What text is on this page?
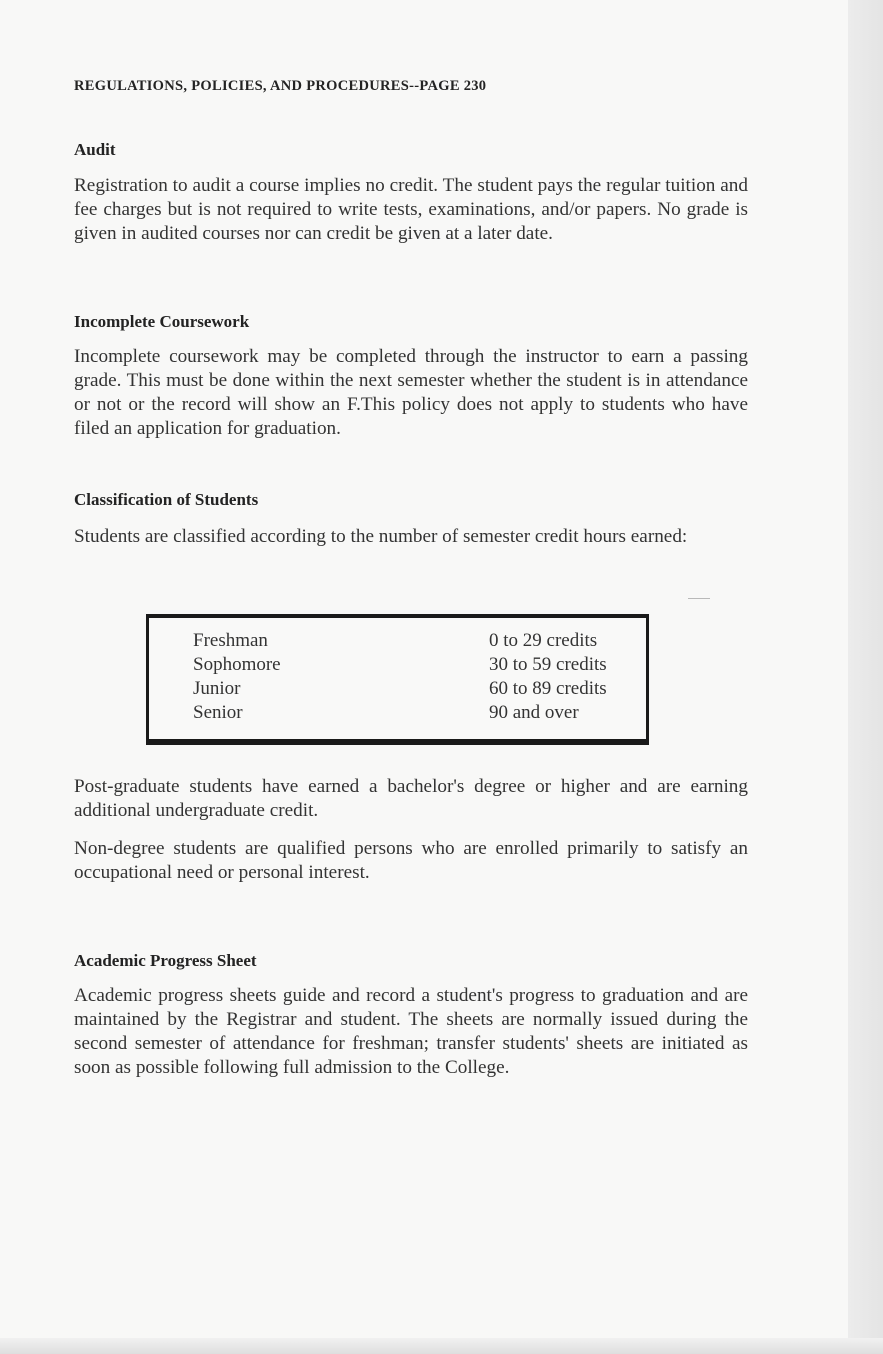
REGULATIONS, POLICIES, AND PROCEDURES--PAGE 230
Audit
Registration to audit a course implies no credit. The student pays the regular tuition and fee charges but is not required to write tests, examinations, and/or papers. No grade is given in audited courses nor can credit be given at a later date.
Incomplete Coursework
Incomplete coursework may be completed through the instructor to earn a passing grade. This must be done within the next semester whether the student is in attendance or not or the record will show an F.This policy does not apply to students who have filed an application for graduation.
Classification of Students
Students are classified according to the number of semester credit hours earned:
Freshman	0 to 29 credits
Sophomore	30 to 59 credits
Junior	60 to 89 credits
Senior	90 and over
Post-graduate students have earned a bachelor's degree or higher and are earning additional undergraduate credit.
Non-degree students are qualified persons who are enrolled primarily to satisfy an occupational need or personal interest.
Academic Progress Sheet
Academic progress sheets guide and record a student's progress to graduation and are maintained by the Registrar and student. The sheets are normally issued during the second semester of attendance for freshman; transfer students' sheets are initiated as soon as possible following full admission to the College.
